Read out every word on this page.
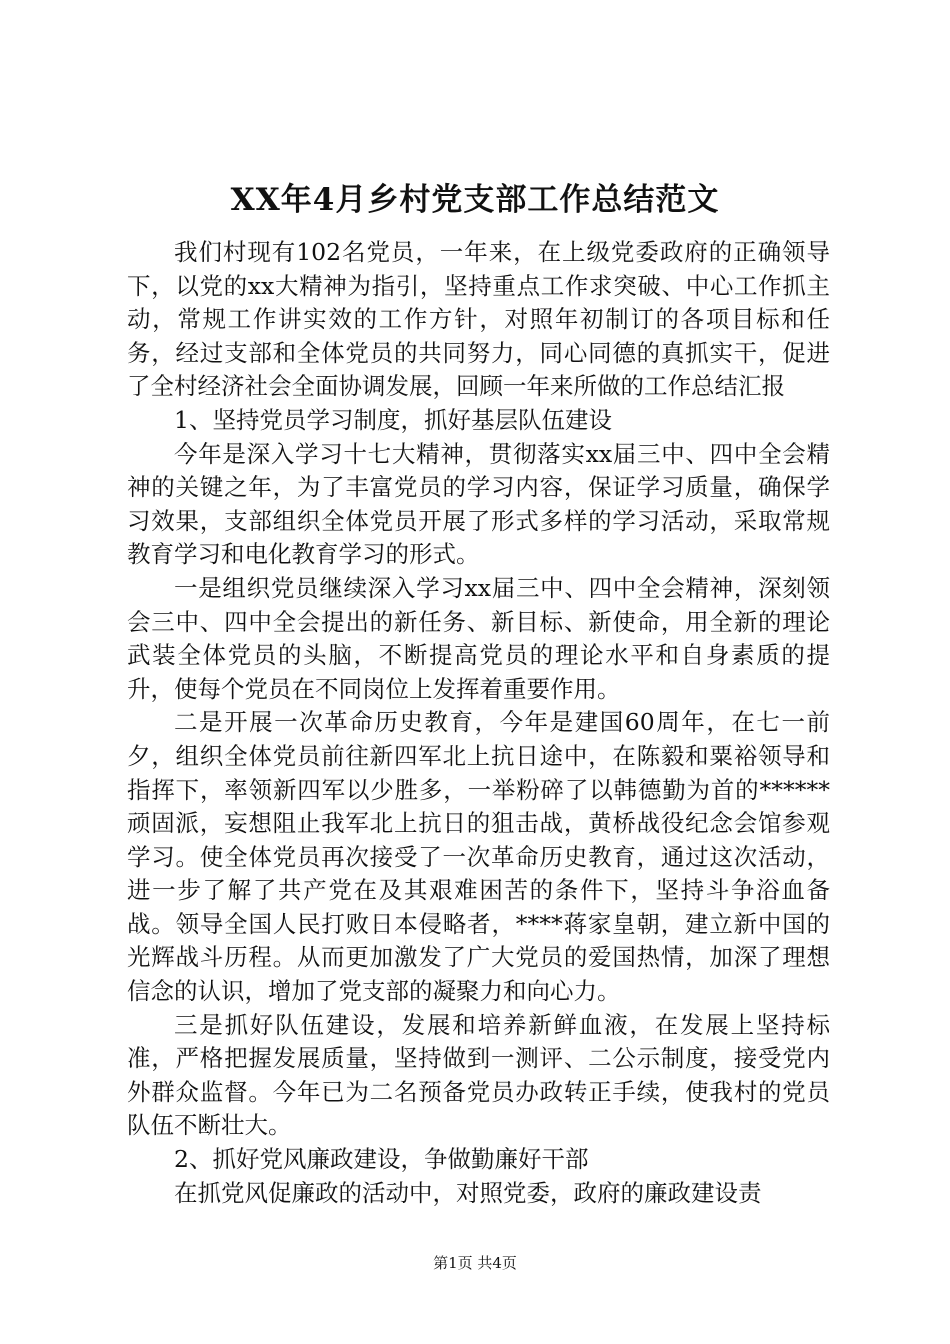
XX年4月乡村党支部工作总结范文

我们村现有102名党员，一年来，在上级党委政府的正确领导下，以党的xx大精神为指引，坚持重点工作求突破、中心工作抓主动，常规工作讲实效的工作方针，对照年初制订的各项目标和任务，经过支部和全体党员的共同努力，同心同德的真抓实干，促进了全村经济社会全面协调发展，回顾一年来所做的工作总结汇报

1、坚持党员学习制度，抓好基层队伍建设

今年是深入学习十七大精神，贯彻落实xx届三中、四中全会精神的关键之年，为了丰富党员的学习内容，保证学习质量，确保学习效果，支部组织全体党员开展了形式多样的学习活动，采取常规教育学习和电化教育学习的形式。

一是组织党员继续深入学习xx届三中、四中全会精神，深刻领会三中、四中全会提出的新任务、新目标、新使命，用全新的理论武装全体党员的头脑，不断提高党员的理论水平和自身素质的提升，使每个党员在不同岗位上发挥着重要作用。

二是开展一次革命历史教育，今年是建国60周年，在七一前夕，组织全体党员前往新四军北上抗日途中，在陈毅和粟裕领导和指挥下，率领新四军以少胜多，一举粉碎了以韩德勤为首的******顽固派，妄想阻止我军北上抗日的狙击战，黄桥战役纪念会馆参观学习。使全体党员再次接受了一次革命历史教育，通过这次活动，进一步了解了共产党在及其艰难困苦的条件下，坚持斗争浴血备战。领导全国人民打败日本侵略者，****蒋家皇朝，建立新中国的光辉战斗历程。从而更加激发了广大党员的爱国热情，加深了理想信念的认识，增加了党支部的凝聚力和向心力。

三是抓好队伍建设，发展和培养新鲜血液，在发展上坚持标准，严格把握发展质量，坚持做到一测评、二公示制度，接受党内外群众监督。今年已为二名预备党员办政转正手续，使我村的党员队伍不断壮大。

2、抓好党风廉政建设，争做勤廉好干部

在抓党风促廉政的活动中，对照党委，政府的廉政建设责

第1页 共4页
